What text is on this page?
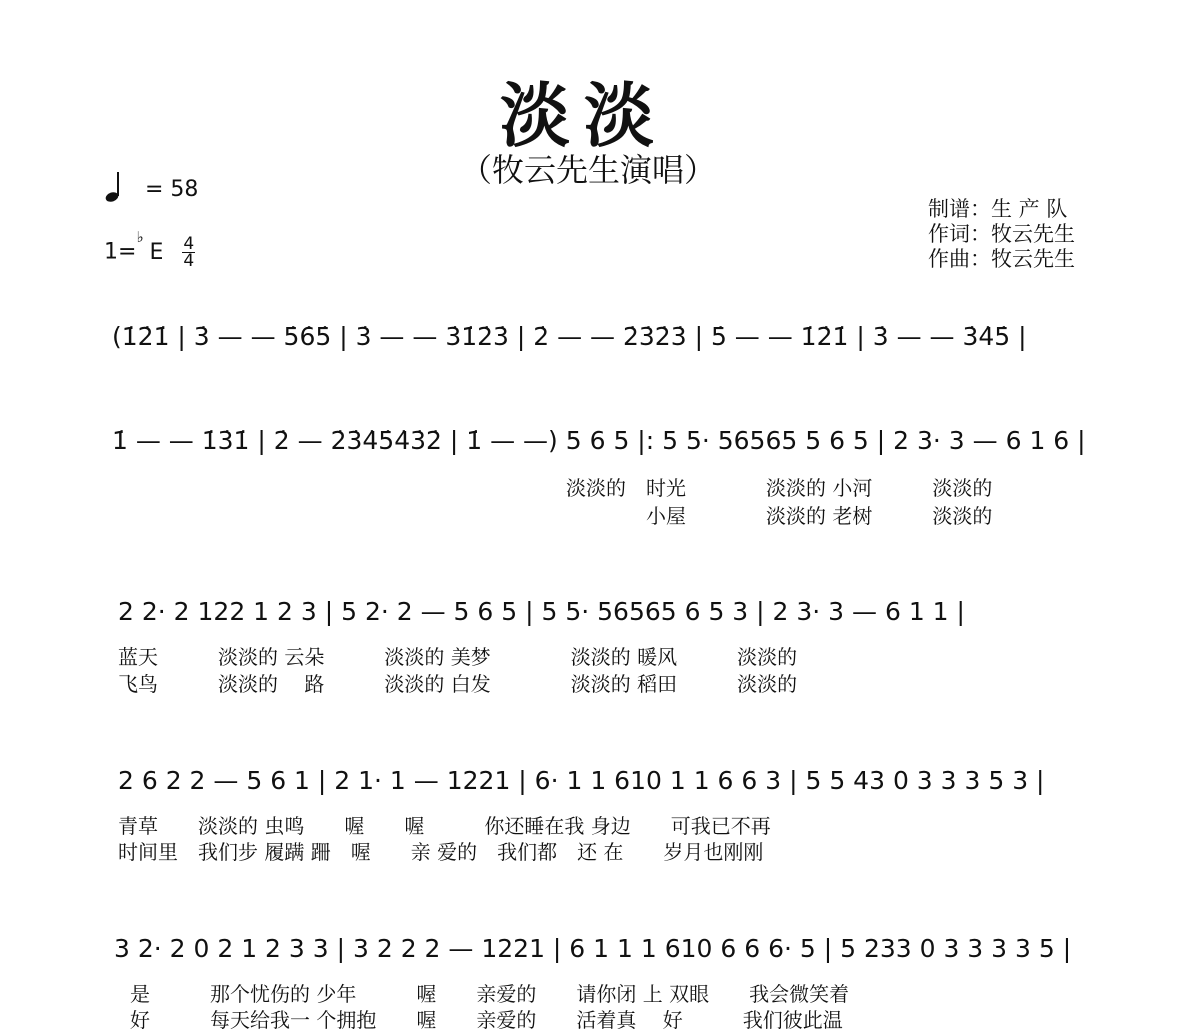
淡淡
（牧云先生演唱）
= 58
1=
♭
E $\frac{4}{4}$
制谱：生 产 队
作词：牧云先生
作曲：牧云先生
(1̇2̇1̇ | 3̇ — — 5̇6̇5̇ | 3̇ — — 3̇1̇2̇3̇ | 2̇ — — 2̇3̇2̇3̇ | 5̇ — — 1̇2̇1̇ | 3̇ — — 3̇4̇5̇ |
1̇ — — 1̇3̇1̇ | 2̇ — 2̇3̇4̇5̇4̇3̇2̇ | 1̇ — —) 5 6 5 |: 5 5· 56565 5 6 5 | 2 3· 3 — 6 1 6 |
淡淡的　时光　　　　淡淡的 小河　　　淡淡的
　　　　小屋　　　　淡淡的 老树　　　淡淡的
2 2· 2 122 1 2 3 | 5 2· 2 — 5 6 5 | 5 5· 56565 6 5 3 | 2 3· 3 — 6 1 1 |
蓝天　　　淡淡的 云朵　　　淡淡的 美梦　　　　淡淡的 暖风　　　淡淡的
飞鸟　　　淡淡的　 路　　　淡淡的 白发　　　　淡淡的 稻田　　　淡淡的
2 6 2 2 — 5 6 1 | 2 1· 1 — 1221 | 6· 1 1 610 1 1 6 6 3 | 5 5 43 0 3 3 3 5 3 |
青草　　淡淡的 虫鸣　　喔　　喔　　　你还睡在我 身边　　可我已不再
时间里　我们步 履蹒 跚　喔　　亲 爱的　我们都　还 在　　岁月也刚刚
3 2· 2 0 2 1 2 3 3 | 3 2 2 2 — 1221 | 6 1 1 1 610 6 6 6· 5 | 5 233 0 3 3 3 3 5 |
是　　　那个忧伤的 少年　　　喔　　亲爱的　　请你闭 上 双眼　　我会微笑着
好　　　每天给我一 个拥抱　　喔　　亲爱的　　活着真　 好　　　我们彼此温
